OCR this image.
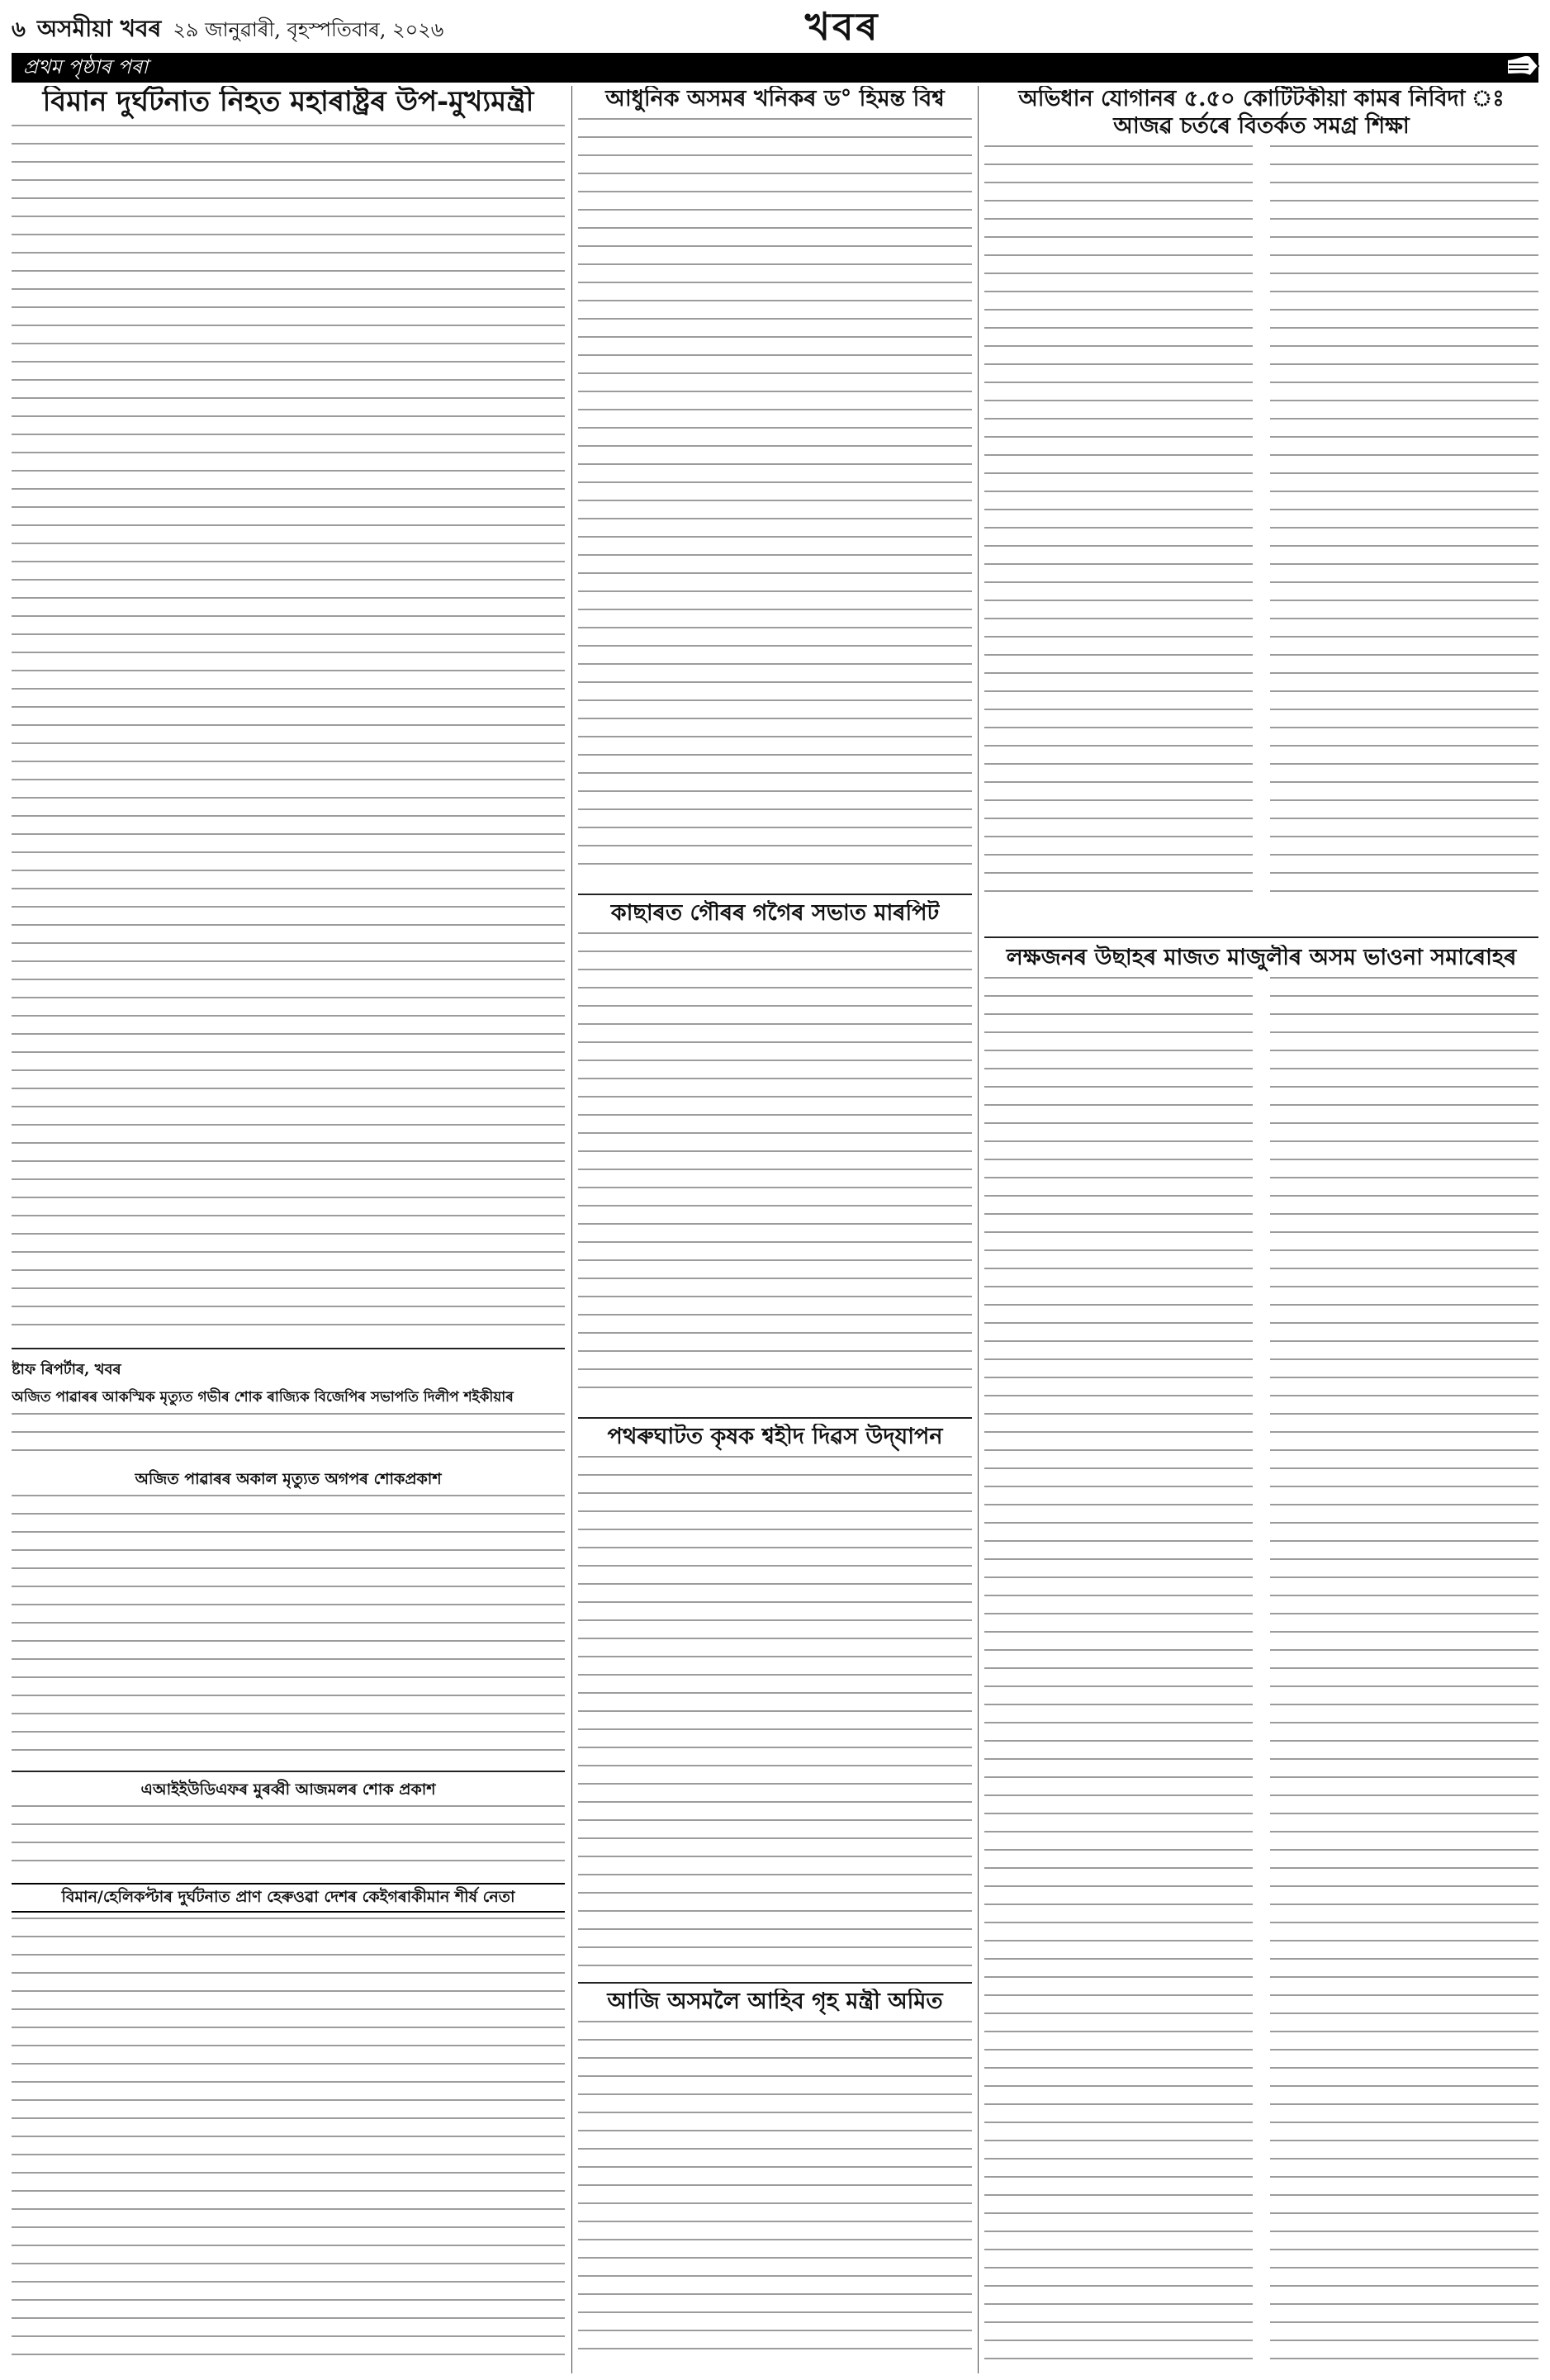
৬ অসমীয়া খবৰ ২৯ জানুৱাৰী, বৃহস্পতিবাৰ, ২০২৬	খবৰ
প্ৰথম পৃষ্ঠাৰ পৰা
বিমান দুৰ্ঘটনাত নিহত মহাৰাষ্ট্ৰৰ উপ-মুখ্যমন্ত্ৰী
ষ্টাফ ৰিপৰ্টাৰ, খবৰ
অজিত পাৱাৰৰ আকস্মিক মৃত্যুত গভীৰ শোক ৰাজ্যিক বিজেপিৰ সভাপতি দিলীপ শইকীয়াৰ
অজিত পাৱাৰৰ অকাল মৃত্যুত অগপৰ শোকপ্ৰকাশ
এআইইউডিএফৰ মুৰব্বী আজমলৰ শোক প্ৰকাশ
বিমান/হেলিকপ্টাৰ দুৰ্ঘটনাত প্ৰাণ হেৰুওৱা দেশৰ কেইগৰাকীমান শীৰ্ষ নেতা
আধুনিক অসমৰ খনিকৰ ড° হিমন্ত বিশ্ব
কাছাৰত গৌৰৰ গগৈৰ সভাত মাৰপিট
পথৰুঘাটত কৃষক শ্বহীদ দিৱস উদ্‌যাপন
আজি অসমলৈ আহিব গৃহ মন্ত্ৰী অমিত
অভিধান যোগানৰ ৫.৫০ কোটিটকীয়া কামৰ নিবিদা ঃ
আজৱ চৰ্তৰে বিতৰ্কত সমগ্ৰ শিক্ষা
লক্ষজনৰ উছাহৰ মাজত মাজুলীৰ অসম ভাওনা সমাৰোহৰ
